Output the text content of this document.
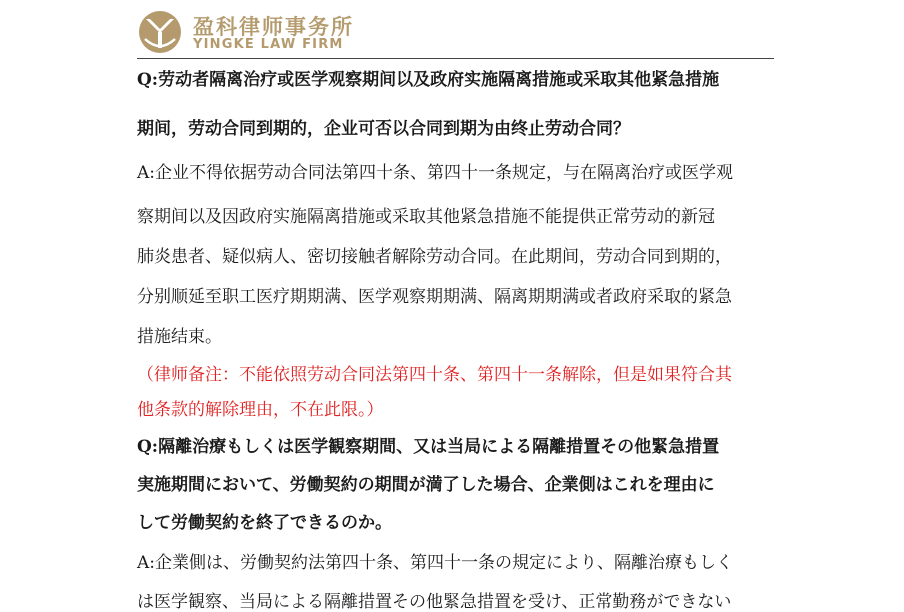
盈科律师事务所
YINGKE LAW FIRM

Q:劳动者隔离治疗或医学观察期间以及政府实施隔离措施或采取其他紧急措施

期间，劳动合同到期的，企业可否以合同到期为由终止劳动合同？

A:企业不得依据劳动合同法第四十条、第四十一条规定，与在隔离治疗或医学观

察期间以及因政府实施隔离措施或采取其他紧急措施不能提供正常劳动的新冠

肺炎患者、疑似病人、密切接触者解除劳动合同。在此期间，劳动合同到期的，

分别顺延至职工医疗期期满、医学观察期期满、隔离期期满或者政府采取的紧急

措施结束。

（律师备注：不能依照劳动合同法第四十条、第四十一条解除，但是如果符合其

他条款的解除理由，不在此限。）

Q:隔離治療もしくは医学観察期間、又は当局による隔離措置その他緊急措置

実施期間において、労働契約の期間が満了した場合、企業側はこれを理由に

して労働契約を終了できるのか。

A:企業側は、労働契約法第四十条、第四十一条の規定により、隔離治療もしく

は医学観察、当局による隔離措置その他緊急措置を受け、正常勤務ができない
